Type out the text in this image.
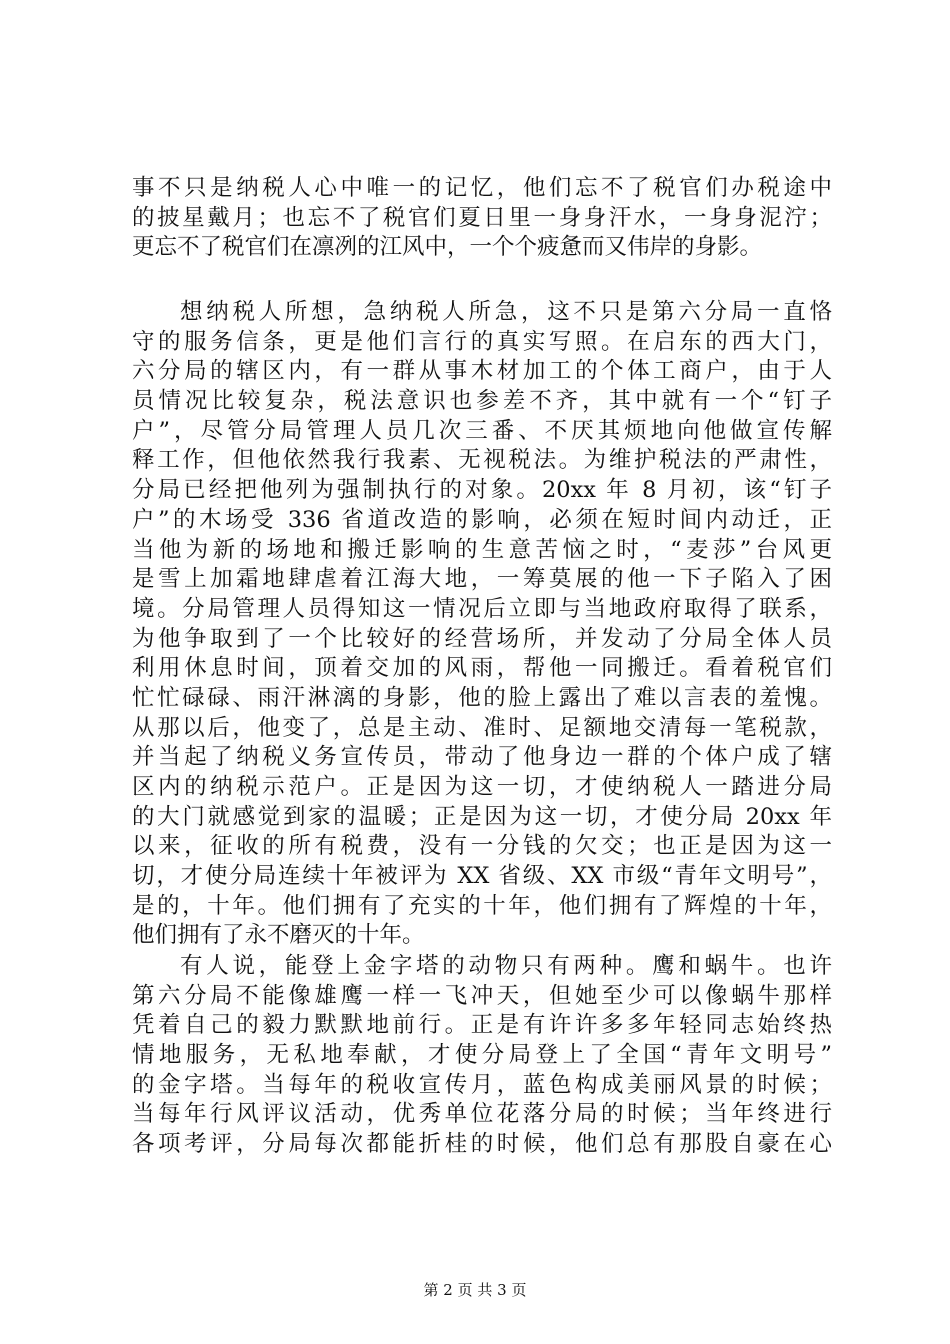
事不只是纳税人心中唯一的记忆，他们忘不了税官们办税途中
的披星戴月；也忘不了税官们夏日里一身身汗水，一身身泥泞；
更忘不了税官们在凛冽的江风中，一个个疲惫而又伟岸的身影。
想纳税人所想，急纳税人所急，这不只是第六分局一直恪
守的服务信条，更是他们言行的真实写照。在启东的西大门，
六分局的辖区内，有一群从事木材加工的个体工商户，由于人
员情况比较复杂，税法意识也参差不齐，其中就有一个“钉子
户”，尽管分局管理人员几次三番、不厌其烦地向他做宣传解
释工作，但他依然我行我素、无视税法。为维护税法的严肃性，
分局已经把他列为强制执行的对象。20xx 年 8 月初，该“钉子
户”的木场受 336 省道改造的影响，必须在短时间内动迁，正
当他为新的场地和搬迁影响的生意苦恼之时，“麦莎”台风更
是雪上加霜地肆虐着江海大地，一筹莫展的他一下子陷入了困
境。分局管理人员得知这一情况后立即与当地政府取得了联系，
为他争取到了一个比较好的经营场所，并发动了分局全体人员
利用休息时间，顶着交加的风雨，帮他一同搬迁。看着税官们
忙忙碌碌、雨汗淋漓的身影，他的脸上露出了难以言表的羞愧。
从那以后，他变了，总是主动、准时、足额地交清每一笔税款，
并当起了纳税义务宣传员，带动了他身边一群的个体户成了辖
区内的纳税示范户。正是因为这一切，才使纳税人一踏进分局
的大门就感觉到家的温暖；正是因为这一切，才使分局 20xx 年
以来，征收的所有税费，没有一分钱的欠交；也正是因为这一
切，才使分局连续十年被评为 XX 省级、XX 市级“青年文明号”，
是的，十年。他们拥有了充实的十年，他们拥有了辉煌的十年，
他们拥有了永不磨灭的十年。
有人说，能登上金字塔的动物只有两种。鹰和蜗牛。也许
第六分局不能像雄鹰一样一飞冲天，但她至少可以像蜗牛那样
凭着自己的毅力默默地前行。正是有许许多多年轻同志始终热
情地服务，无私地奉献，才使分局登上了全国“青年文明号”
的金字塔。当每年的税收宣传月，蓝色构成美丽风景的时候；
当每年行风评议活动，优秀单位花落分局的时候；当年终进行
各项考评，分局每次都能折桂的时候，他们总有那股自豪在心
第 2 页 共 3 页
